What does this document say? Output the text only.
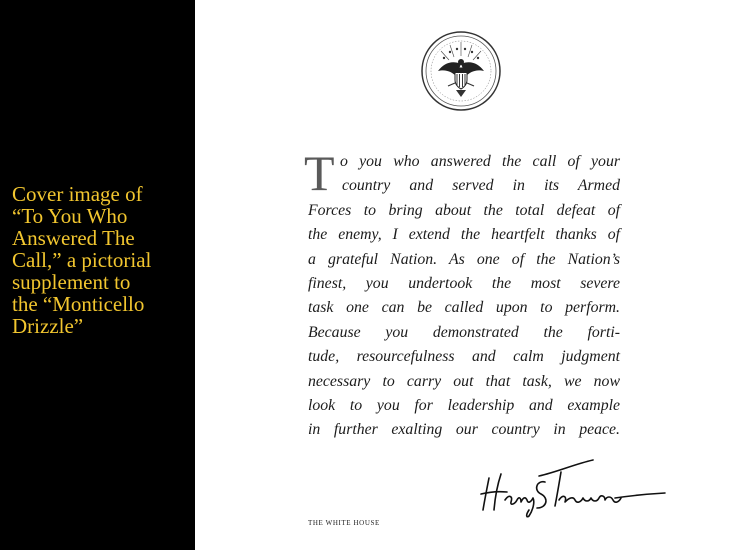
Cover image of
“To You Who
Answered The
Call,” a pictorial
supplement to
the “Monticello
Drizzle”

T o you who answered the call of your
country and served in its Armed
Forces to bring about the total defeat of
the enemy, I extend the heartfelt thanks of
a grateful Nation. As one of the Nation’s
finest, you undertook the most severe
task one can be called upon to perform.
Because you demonstrated the forti-
tude, resourcefulness and calm judgment
necessary to carry out that task, we now
look to you for leadership and example
in further exalting our country in peace.
THE WHITE HOUSE
